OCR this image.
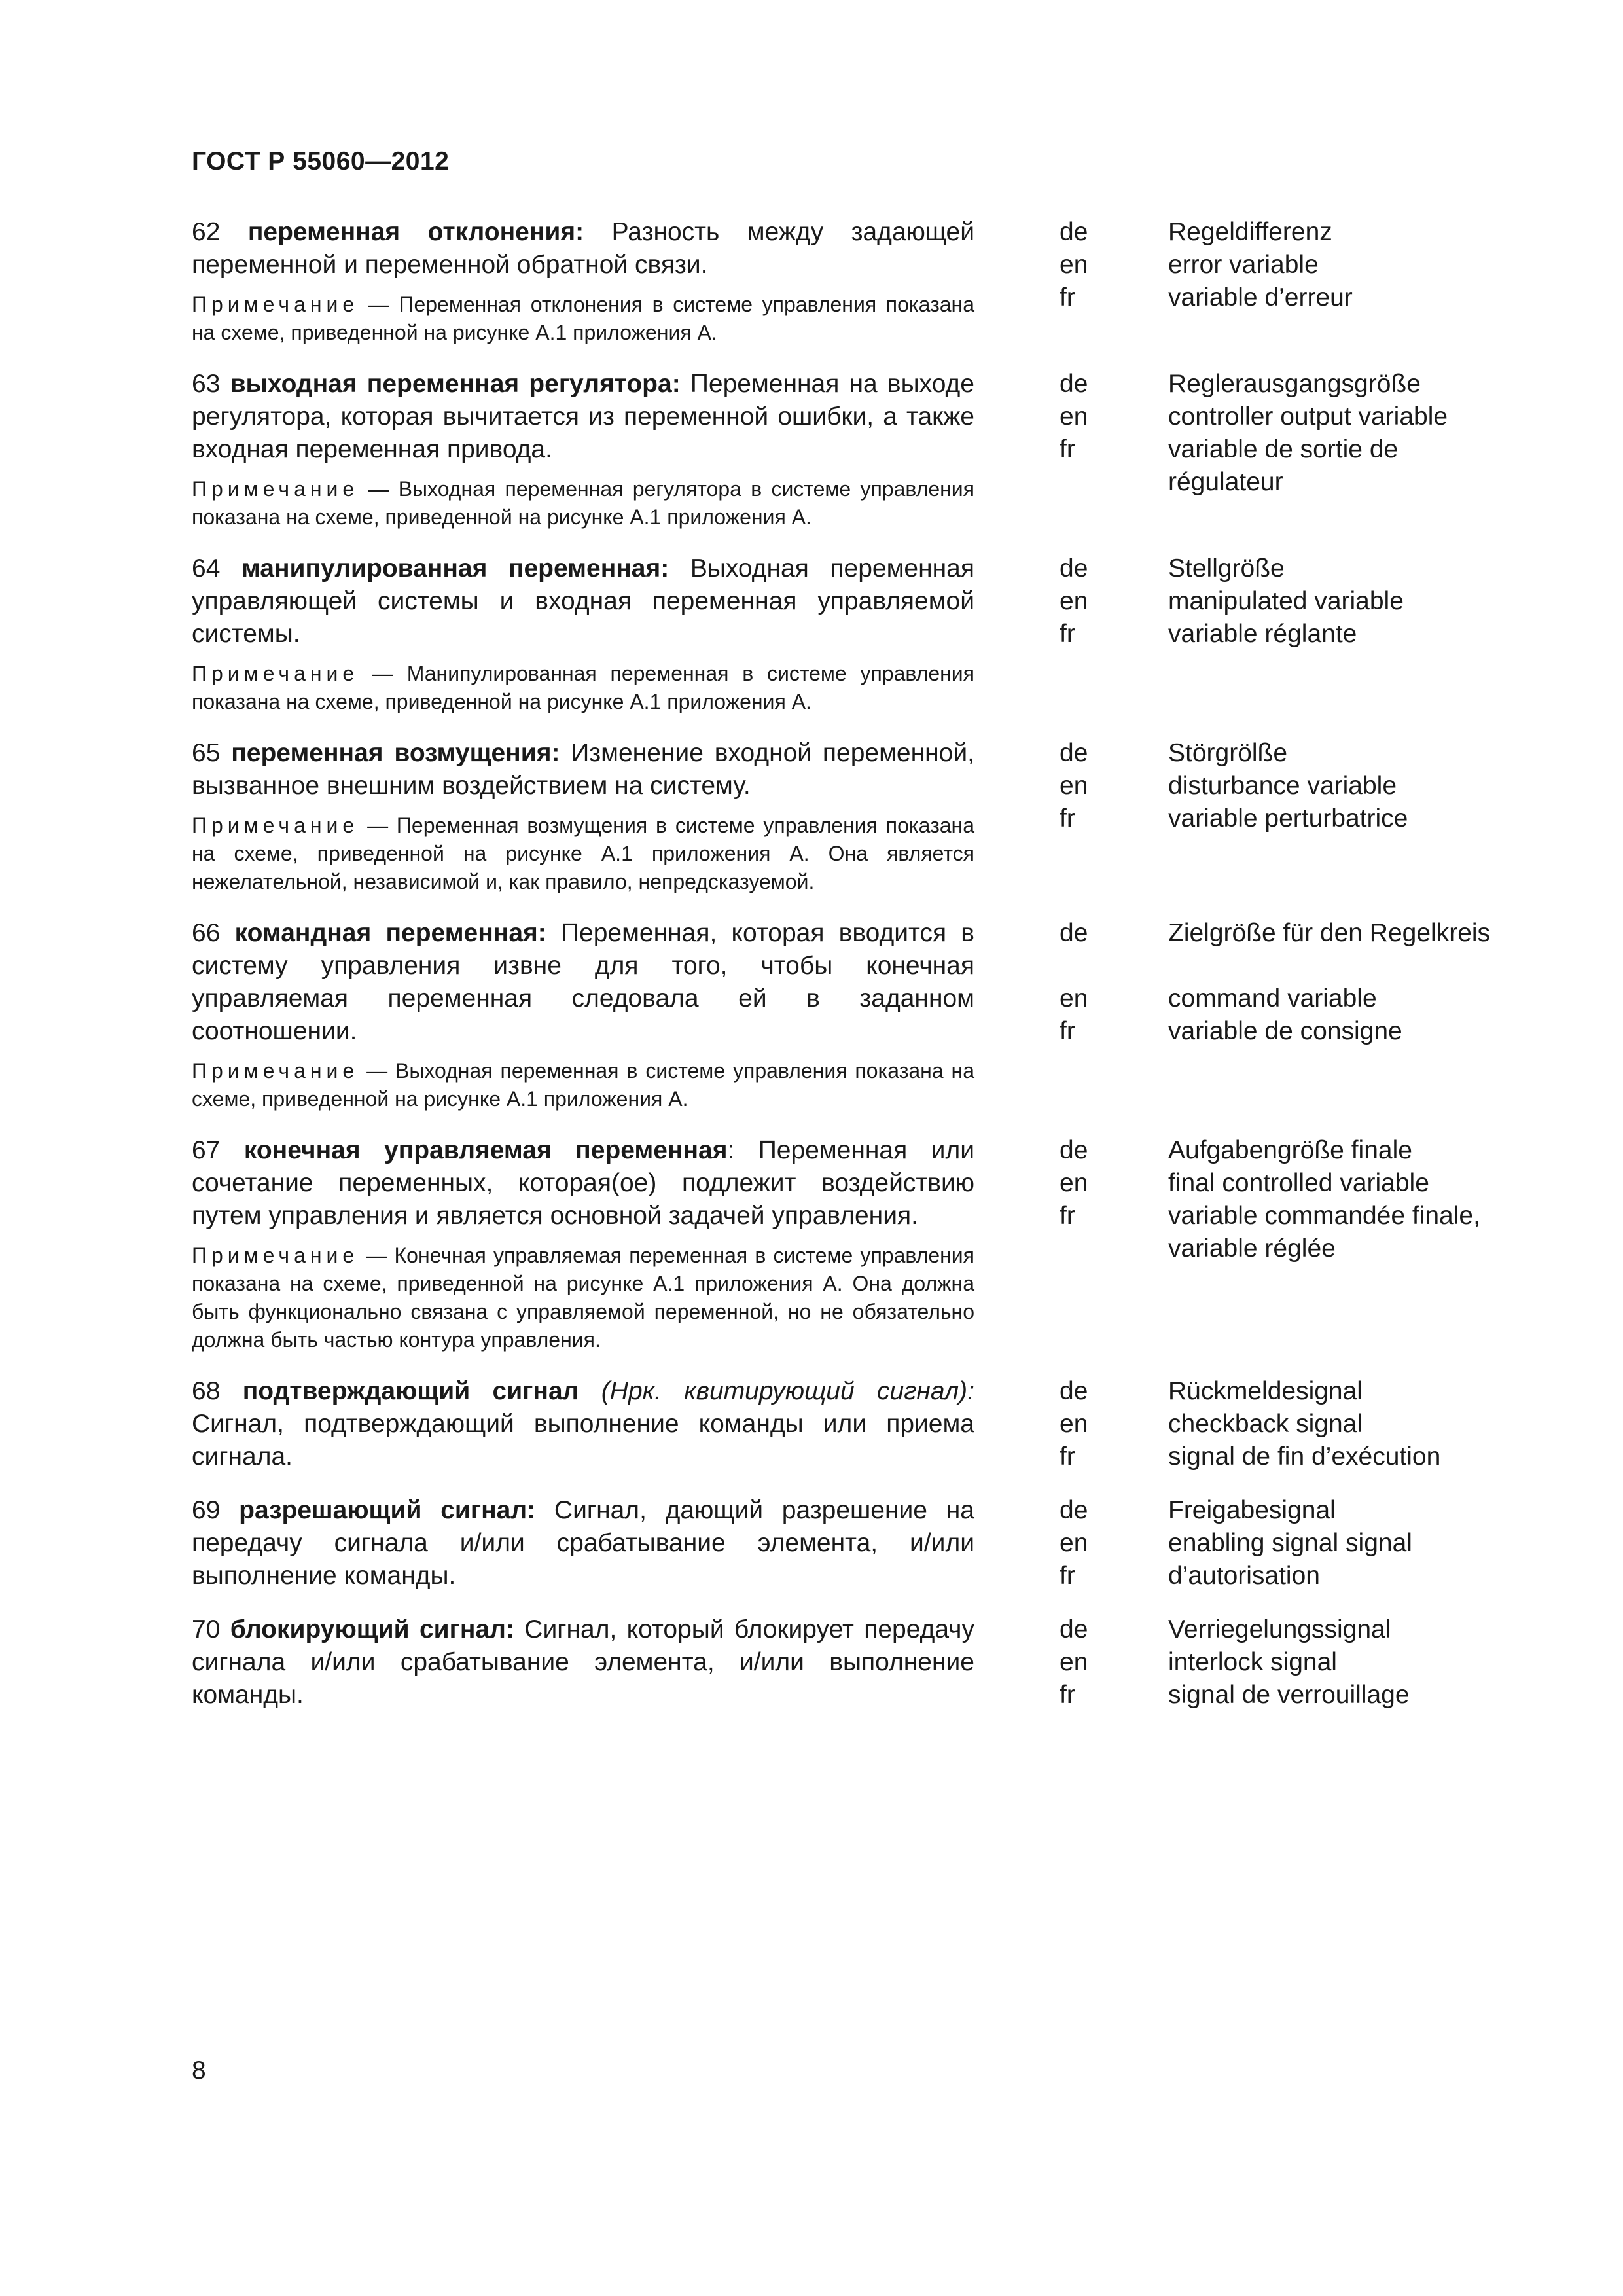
ГОСТ Р 55060—2012

62 переменная отклонения: Разность между задающей переменной и переменной обратной связи.

Примечание — Переменная отклонения в системе управления показана на схеме, приведенной на рисунке А.1 приложения А.

de
en
fr
Regeldifferenz
error variable
variable d’erreur

63 выходная переменная регулятора: Переменная на выходе регулятора, которая вычитается из переменной ошибки, а также входная переменная привода.

Примечание — Выходная переменная регулятора в системе управления показана на схеме, приведенной на рисунке А.1 приложения А.

de
en
fr
Reglerausgangsgröße
controller output variable
variable de sortie de
régulateur

64 манипулированная переменная: Выходная переменная управляющей системы и входная переменная управляемой системы.

Примечание — Манипулированная переменная в системе управления показана на схеме, приведенной на рисунке А.1 приложения А.

de
en
fr
Stellgröße
manipulated variable
variable réglante

65 переменная возмущения: Изменение входной переменной, вызванное внешним воздействием на систему.

Примечание — Переменная возмущения в системе управления показана на схеме, приведенной на рисунке А.1 приложения А. Она является нежелательной, независимой и, как правило, непредсказуемой.

de
en
fr
Störgrölße
disturbance variable
variable perturbatrice

66 командная переменная: Переменная, которая вводится в систему управления извне для того, чтобы конечная управляемая переменная следовала ей в заданном соотношении.

Примечание — Выходная переменная в системе управления показана на схеме, приведенной на рисунке А.1 приложения А.

de
en
fr
Zielgröße für den Regelkreis
command variable
variable de consigne

67 конечная управляемая переменная: Переменная или сочетание переменных, которая(ое) подлежит воздействию путем управления и является основной задачей управления.

Примечание — Конечная управляемая переменная в системе управления показана на схеме, приведенной на рисунке А.1 приложения А. Она должна быть функционально связана с управляемой переменной, но не обязательно должна быть частью контура управления.

de
en
fr
Aufgabengröße finale
final controlled variable
variable commandée finale,
variable réglée

68 подтверждающий сигнал (Нрк. квитирующий сигнал): Сигнал, подтверждающий выполнение команды или приема сигнала.

de
en
fr
Rückmeldesignal
checkback signal
signal de fin d’exécution

69 разрешающий сигнал: Сигнал, дающий разрешение на передачу сигнала и/или срабатывание элемента, и/или выполнение команды.

de
en
fr
Freigabesignal
enabling signal signal
d’autorisation

70 блокирующий сигнал: Сигнал, который блокирует передачу сигнала и/или срабатывание элемента, и/или выполнение команды.

de
en
fr
Verriegelungssignal
interlock signal
signal de verrouillage
8
